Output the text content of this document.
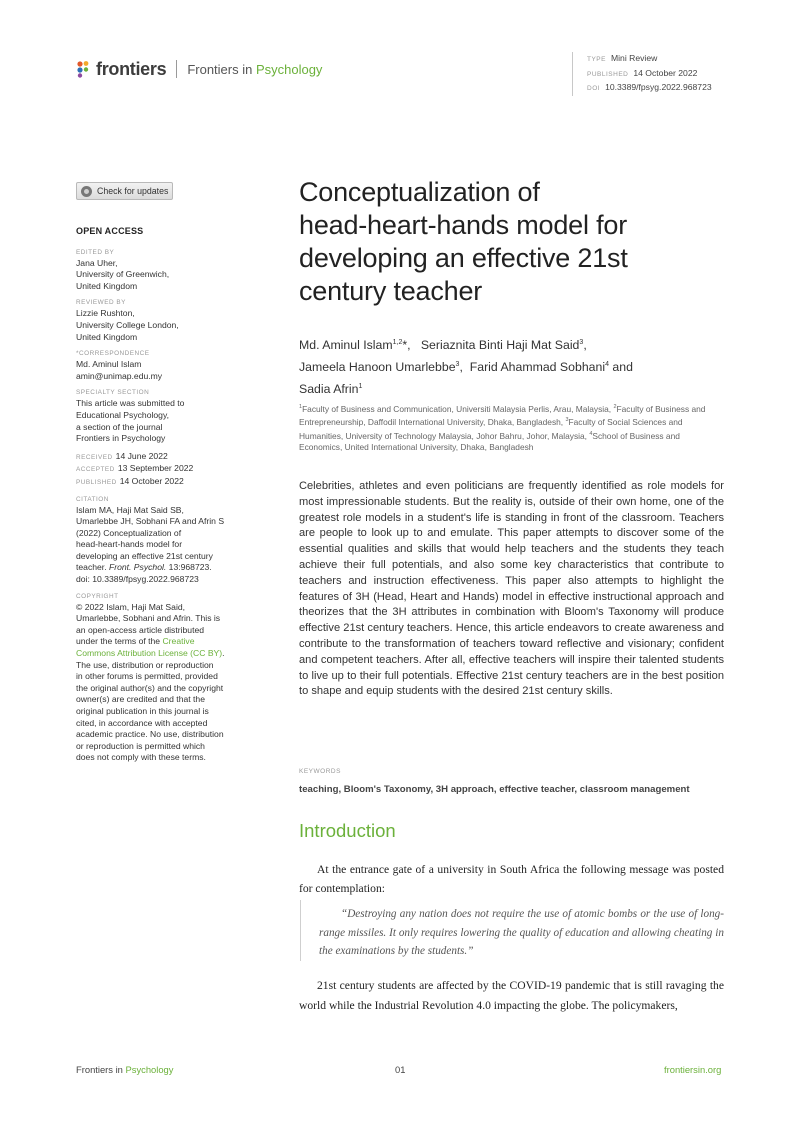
frontiers Frontiers in Psychology
TYPE Mini Review
PUBLISHED 14 October 2022
DOI 10.3389/fpsyg.2022.968723
Check for updates
OPEN ACCESS
EDITED BY
Jana Uher,
University of Greenwich,
United Kingdom
REVIEWED BY
Lizzie Rushton,
University College London,
United Kingdom
*CORRESPONDENCE
Md. Aminul Islam
amin@unimap.edu.my
SPECIALTY SECTION
This article was submitted to
Educational Psychology,
a section of the journal
Frontiers in Psychology
RECEIVED 14 June 2022
ACCEPTED 13 September 2022
PUBLISHED 14 October 2022
CITATION
Islam MA, Haji Mat Said SB,
Umarlebbe JH, Sobhani FA and Afrin S
(2022) Conceptualization of
head-heart-hands model for
developing an effective 21st century
teacher. Front. Psychol. 13:968723.
doi: 10.3389/fpsyg.2022.968723
COPYRIGHT
© 2022 Islam, Haji Mat Said,
Umarlebbe, Sobhani and Afrin. This is
an open-access article distributed
under the terms of the Creative
Commons Attribution License (CC BY).
The use, distribution or reproduction
in other forums is permitted, provided
the original author(s) and the copyright
owner(s) are credited and that the
original publication in this journal is
cited, in accordance with accepted
academic practice. No use, distribution
or reproduction is permitted which
does not comply with these terms.
Conceptualization of
head-heart-hands model for
developing an effective 21st
century teacher
Md. Aminul Islam$^{1,2}$*,   Seriaznita Binti Haji Mat Said$^3$,
Jameela Hanoon Umarlebbe$^3$,  Farid Ahammad Sobhani$^4$ and
Sadia Afrin$^1$
$^1$Faculty of Business and Communication, Universiti Malaysia Perlis, Arau, Malaysia, $^2$Faculty of Business and Entrepreneurship, Daffodil International University, Dhaka, Bangladesh, $^3$Faculty of Social Sciences and Humanities, University of Technology Malaysia, Johor Bahru, Johor, Malaysia, $^4$School of Business and Economics, United International University, Dhaka, Bangladesh

Celebrities, athletes and even politicians are frequently identified as role models for most impressionable students. But the reality is, outside of their own home, one of the greatest role models in a student's life is standing in front of the classroom. Teachers are people to look up to and emulate. This paper attempts to discover some of the essential qualities and skills that would help teachers and the students they teach achieve their full potentials, and also some key characteristics that contribute to teachers and instruction effectiveness. This paper also attempts to highlight the features of 3H (Head, Heart and Hands) model in effective instructional approach and theorizes that the 3H attributes in combination with Bloom's Taxonomy will produce effective 21st century teachers. Hence, this article endeavors to create awareness and contribute to the transformation of teachers toward reflective and visionary; confident and competent teachers. After all, effective teachers will inspire their talented students to live up to their full potentials. Effective 21st century teachers are in the best position to shape and equip students with the desired 21st century skills.

KEYWORDS
teaching, Bloom's Taxonomy, 3H approach, effective teacher, classroom management
Introduction

At the entrance gate of a university in South Africa the following message was posted for contemplation:

“Destroying any nation does not require the use of atomic bombs or the use of long-range missiles. It only requires lowering the quality of education and allowing cheating in the examinations by the students.”

21st century students are affected by the COVID-19 pandemic that is still ravaging the world while the Industrial Revolution 4.0 impacting the globe. The policymakers,

Frontiers in Psychology	01	frontiersin.org
